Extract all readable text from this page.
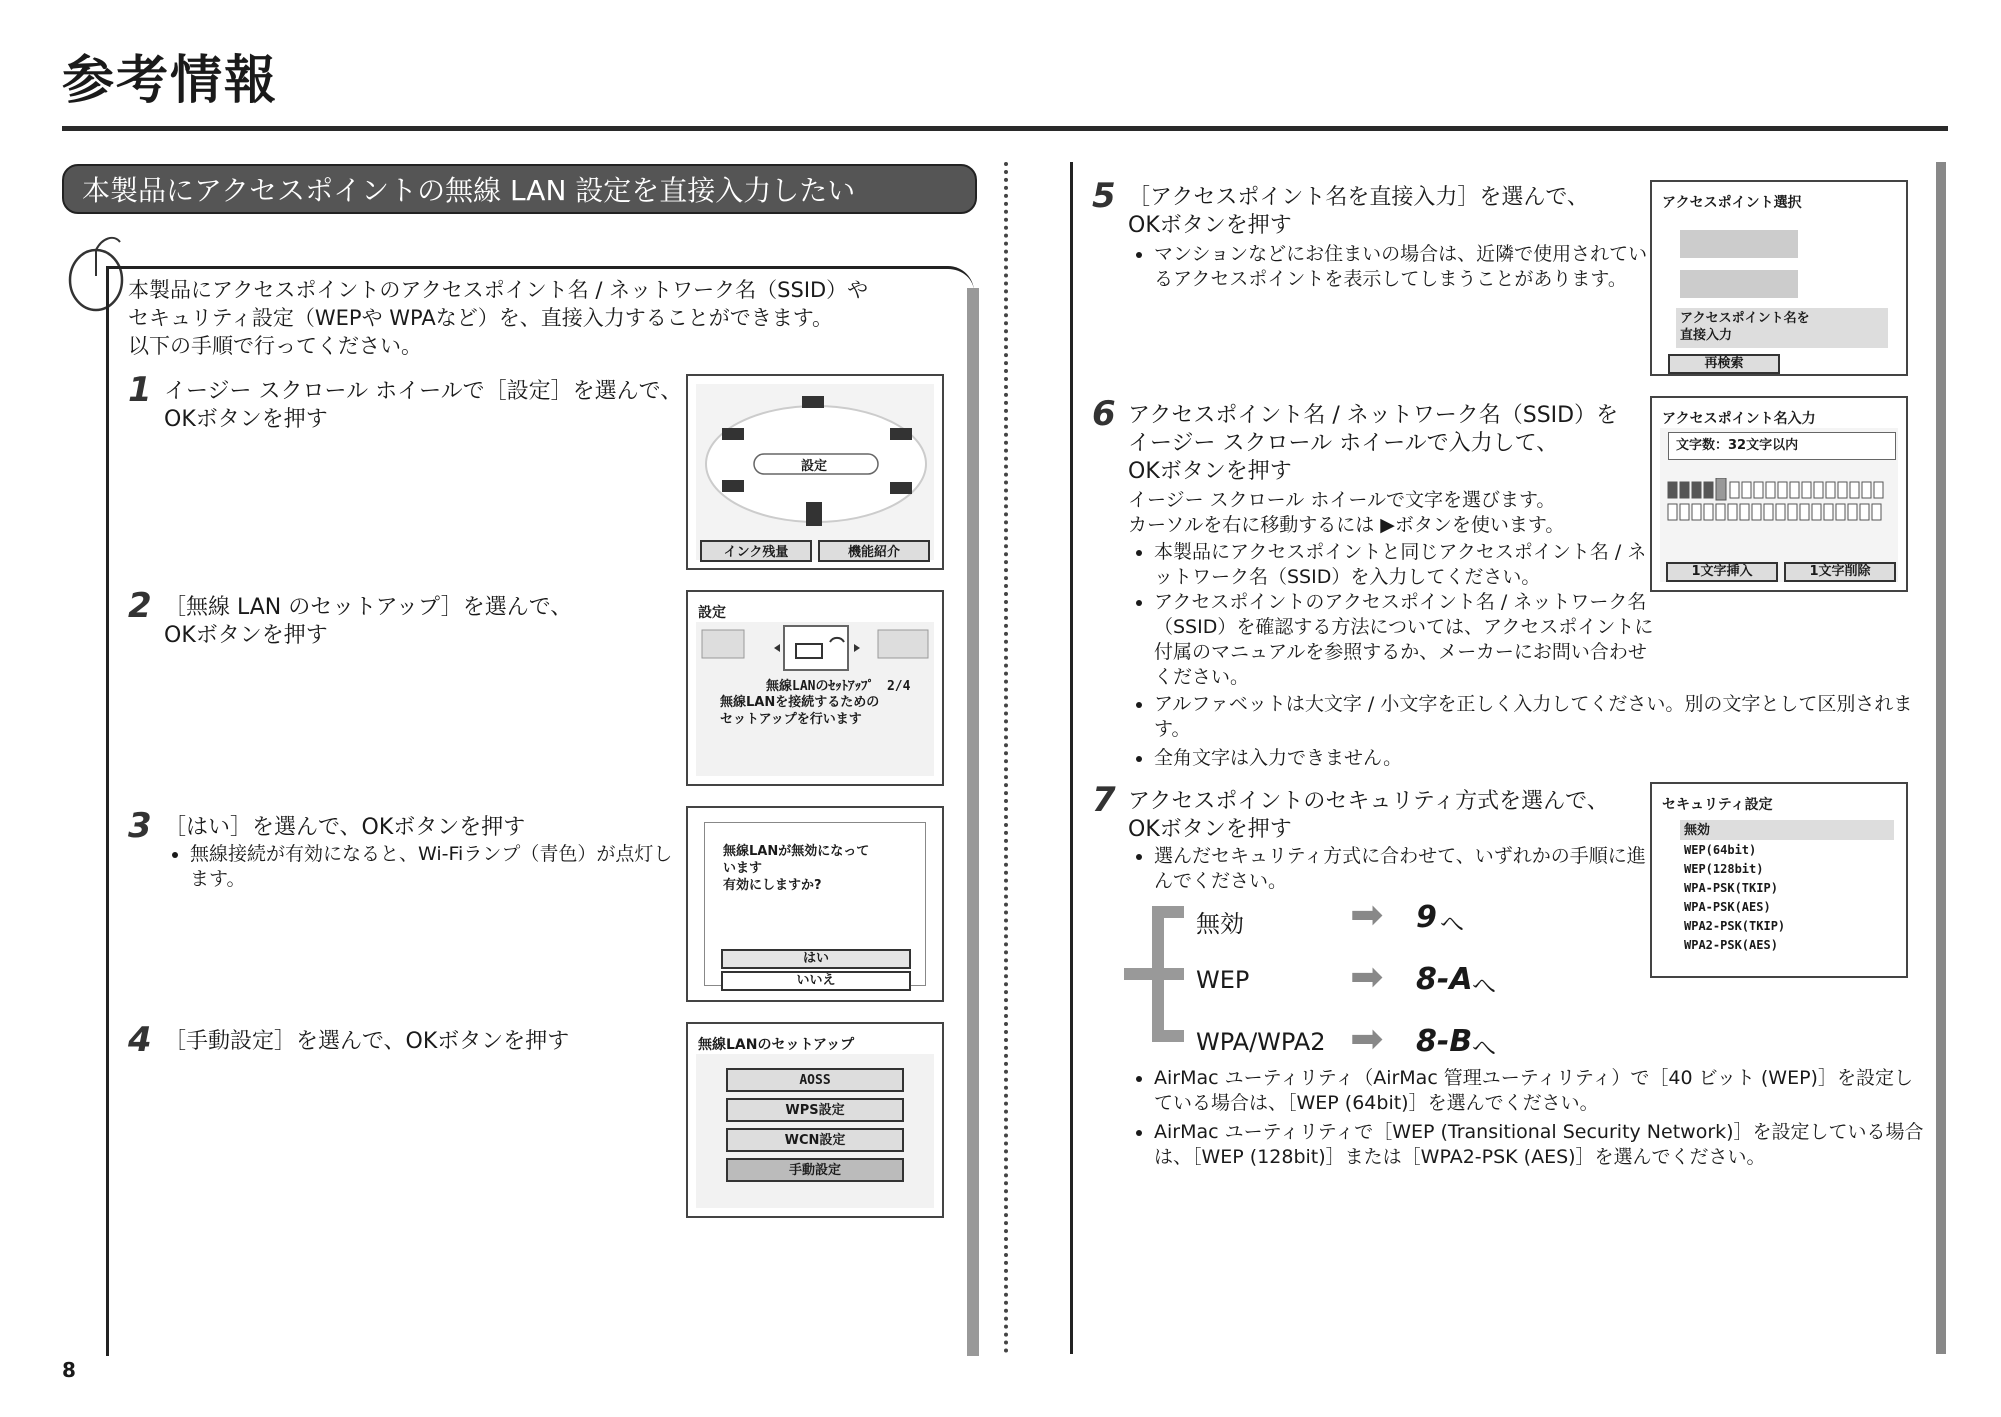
参考情報
本製品にアクセスポイントの無線 LAN 設定を直接入力したい
本製品にアクセスポイントのアクセスポイント名 / ネットワーク名（SSID）や
セキュリティ設定（WEPや WPAなど）を、直接入力することができます。
以下の手順で行ってください。
1 イージー スクロール ホイールで［設定］を選んで、
OKボタンを押す
設定
インク残量	機能紹介
2 ［無線 LAN のセットアップ］を選んで、
OKボタンを押す
設定
無線LANのｾｯﾄｱｯﾌﾟ　2/4
無線LANを接続するための
セットアップを行います
3 ［はい］を選んで、OKボタンを押す
• 無線接続が有効になると、Wi-Fiランプ（青色）が点灯します。
無線LANが無効になって
います
有効にしますか?
はい
いいえ
4 ［手動設定］を選んで、OKボタンを押す	無線LANのセットアップ
AOSS
WPS設定
WCN設定
手動設定
5 ［アクセスポイント名を直接入力］を選んで、
OKボタンを押す
• マンションなどにお住まいの場合は、近隣で使用されているアクセスポイントを表示してしまうことがあります。
アクセスポイント選択
アクセスポイント名を
直接入力
再検索
6 アクセスポイント名 / ネットワーク名（SSID）を
イージー スクロール ホイールで入力して、
OKボタンを押す
イージー スクロール ホイールで文字を選びます。
カーソルを右に移動するには ▶ボタンを使います。
• 本製品にアクセスポイントと同じアクセスポイント名 / ネットワーク名（SSID）を入力してください。
• アクセスポイントのアクセスポイント名 / ネットワーク名（SSID）を確認する方法については、アクセスポイントに付属のマニュアルを参照するか、メーカーにお問い合わせください。
• アルファベットは大文字 / 小文字を正しく入力してください。別の文字として区別されます。
• 全角文字は入力できません。
アクセスポイント名入力
文字数：32文字以内
1文字挿入	1文字削除
7 アクセスポイントのセキュリティ方式を選んで、
OKボタンを押す
• 選んだセキュリティ方式に合わせて、いずれかの手順に進んでください。
セキュリティ設定
無効
WEP(64bit)
WEP(128bit)
WPA-PSK(TKIP)
WPA-PSK(AES)
WPA2-PSK(TKIP)
WPA2-PSK(AES)
無効	➡ 9 へ
WEP	➡ 8-A へ
WPA/WPA2 ➡ 8-B へ
• AirMac ユーティリティ（AirMac 管理ユーティリティ）で［40 ビット (WEP)］を設定している場合は、［WEP (64bit)］を選んでください。
• AirMac ユーティリティで［WEP (Transitional Security Network)］を設定している場合は、［WEP (128bit)］または［WPA2-PSK (AES)］を選んでください。
8
